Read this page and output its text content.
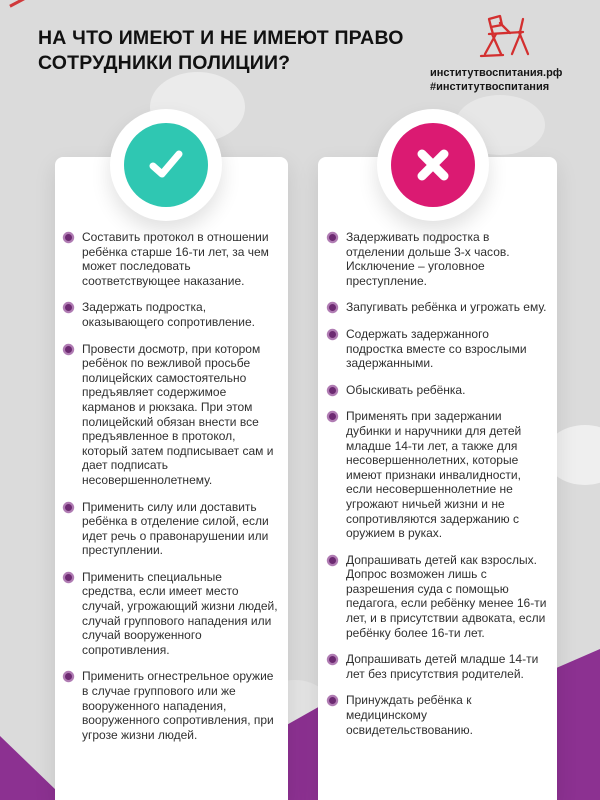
НА ЧТО ИМЕЮТ И НЕ ИМЕЮТ ПРАВО
СОТРУДНИКИ ПОЛИЦИИ?	институтвоспитания.рф
#институтвоспитания
Составить протокол в отношении ребёнка старше 16-ти лет, за чем может последовать соответствующее наказание.
Задержать подростка, оказывающего сопротивление.
Провести досмотр, при котором ребёнок по вежливой просьбе полицейских самостоятельно предъявляет содержимое карманов и рюкзака. При этом полицейский обязан внести все предъявленное в протокол, который затем подписывает сам и дает подписать несовершеннолетнему.
Применить силу или доставить ребёнка в отделение силой, если идет речь о правонарушении или преступлении.
Применить специальные средства, если имеет место случай, угрожающий жизни людей, случай группового нападения или случай вооруженного сопротивления.
Применить огнестрельное оружие в случае группового или же вооруженного нападения, вооруженного сопротивления, при угрозе жизни людей.
Задерживать подростка в отделении дольше 3-х часов. Исключение – уголовное преступление.
Запугивать ребёнка и угрожать ему.
Содержать задержанного подростка вместе со взрослыми задержанными.
Обыскивать ребёнка.
Применять при задержании дубинки и наручники для детей младше 14-ти лет, а также для несовершеннолетних, которые имеют признаки инвалидности, если несовершеннолетние не угрожают ничьей жизни и не сопротивляются задержанию с оружием в руках.
Допрашивать детей как взрослых. Допрос возможен лишь с разрешения суда с помощью педагога, если ребёнку менее 16-ти лет, и в присутствии адвоката, если ребёнку более 16-ти лет.
Допрашивать детей младше 14-ти лет без присутствия родителей.
Принуждать ребёнка к медицинскому освидетельствованию.
